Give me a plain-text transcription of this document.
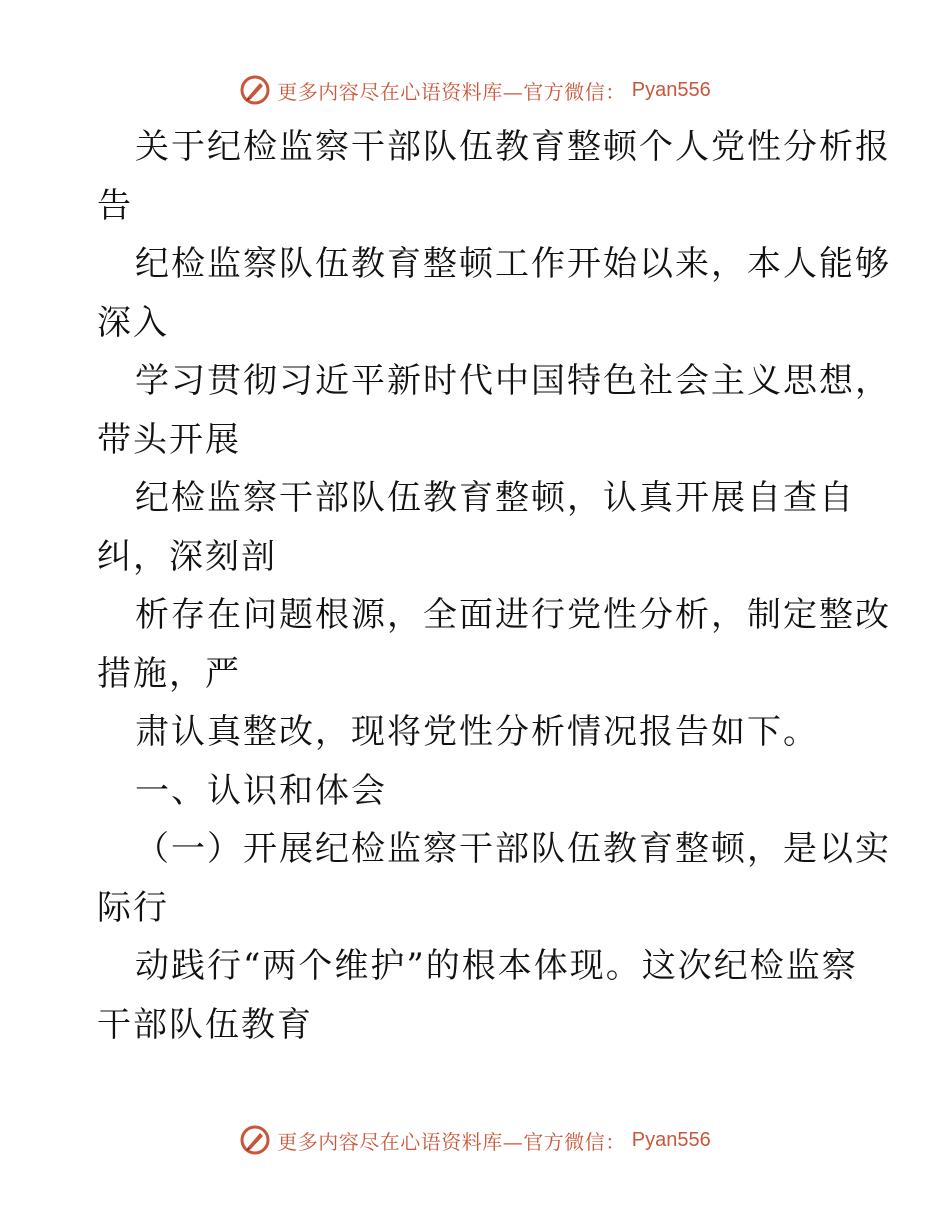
更多内容尽在心语资料库—官方微信： Pyan556
关于纪检监察干部队伍教育整顿个人党性分析报
告
纪检监察队伍教育整顿工作开始以来，本人能够
深入
学习贯彻习近平新时代中国特色社会主义思想，
带头开展
纪检监察干部队伍教育整顿，认真开展自查自
纠，深刻剖
析存在问题根源，全面进行党性分析，制定整改
措施，严
肃认真整改，现将党性分析情况报告如下。
一、认识和体会
（一）开展纪检监察干部队伍教育整顿，是以实
际行
动践行“两个维护”的根本体现。这次纪检监察
干部队伍教育
更多内容尽在心语资料库—官方微信： Pyan556
